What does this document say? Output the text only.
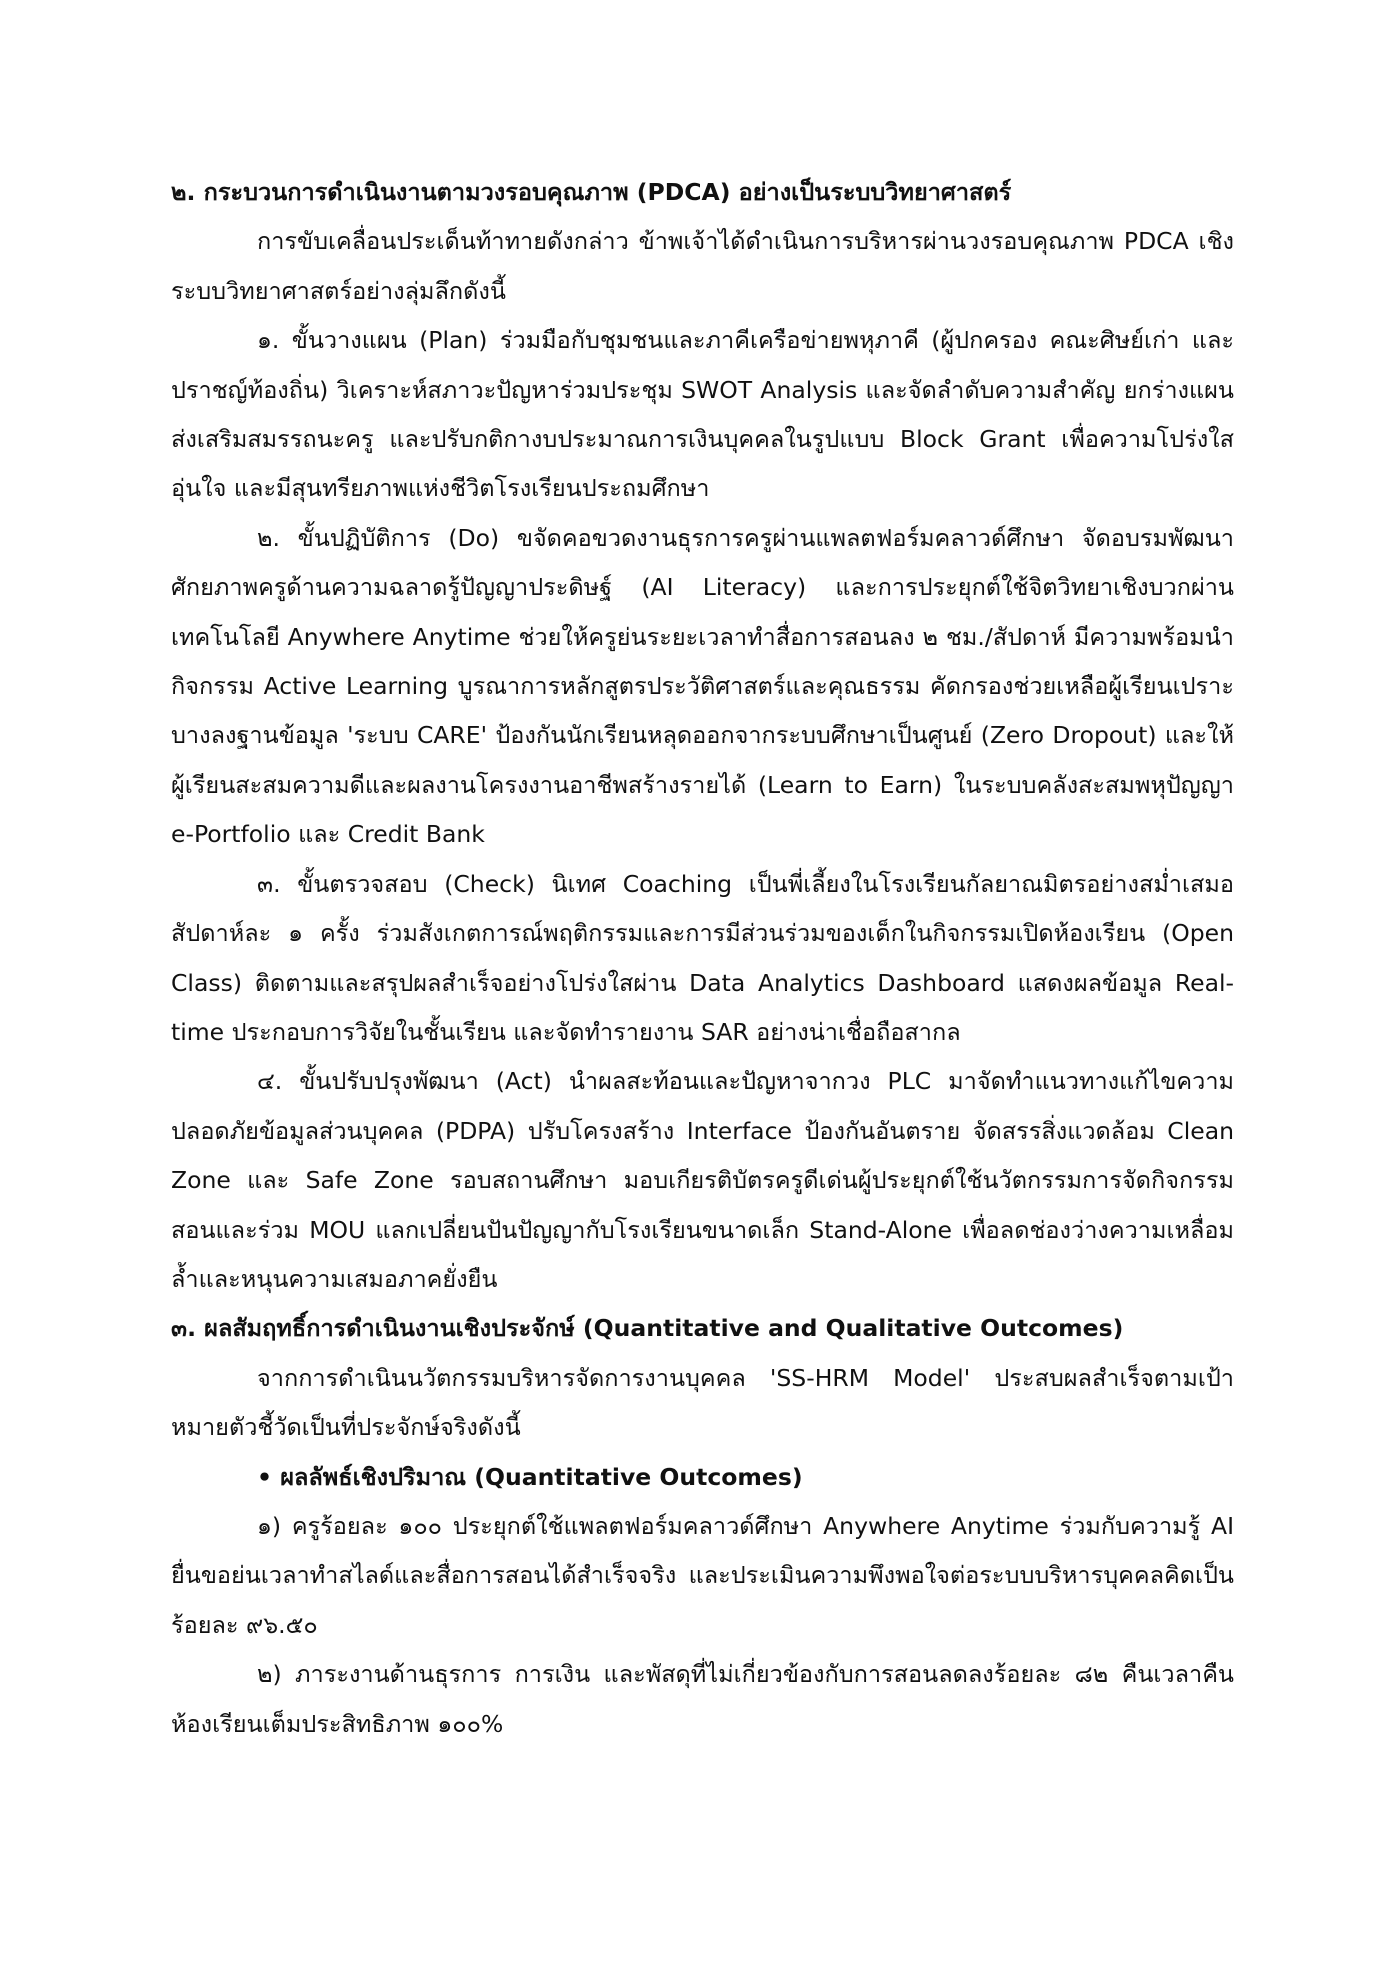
๒. กระบวนการดำเนินงานตามวงรอบคุณภาพ (PDCA) อย่างเป็นระบบวิทยาศาสตร์

การขับเคลื่อนประเด็นท้าทายดังกล่าว ข้าพเจ้าได้ดำเนินการบริหารผ่านวงรอบคุณภาพ PDCA เชิงระบบวิทยาศาสตร์อย่างลุ่มลึกดังนี้

๑. ขั้นวางแผน (Plan) ร่วมมือกับชุมชนและภาคีเครือข่ายพหุภาคี (ผู้ปกครอง คณะศิษย์เก่า และปราชญ์ท้องถิ่น) วิเคราะห์สภาวะปัญหาร่วมประชุม SWOT Analysis และจัดลำดับความสำคัญ ยกร่างแผนส่งเสริมสมรรถนะครู และปรับกติกางบประมาณการเงินบุคคลในรูปแบบ Block Grant เพื่อความโปร่งใส อุ่นใจ และมีสุนทรียภาพแห่งชีวิตโรงเรียนประถมศึกษา

๒. ขั้นปฏิบัติการ (Do) ขจัดคอขวดงานธุรการครูผ่านแพลตฟอร์มคลาวด์ศึกษา จัดอบรมพัฒนาศักยภาพครูด้านความฉลาดรู้ปัญญาประดิษฐ์ (AI Literacy) และการประยุกต์ใช้จิตวิทยาเชิงบวกผ่านเทคโนโลยี Anywhere Anytime ช่วยให้ครูย่นระยะเวลาทำสื่อการสอนลง ๒ ชม./สัปดาห์ มีความพร้อมนำกิจกรรม Active Learning บูรณาการหลักสูตรประวัติศาสตร์และคุณธรรม คัดกรองช่วยเหลือผู้เรียนเปราะบางลงฐานข้อมูล 'ระบบ CARE' ป้องกันนักเรียนหลุดออกจากระบบศึกษาเป็นศูนย์ (Zero Dropout) และให้ผู้เรียนสะสมความดีและผลงานโครงงานอาชีพสร้างรายได้ (Learn to Earn) ในระบบคลังสะสมพหุปัญญา e-Portfolio และ Credit Bank

๓. ขั้นตรวจสอบ (Check) นิเทศ Coaching เป็นพี่เลี้ยงในโรงเรียนกัลยาณมิตรอย่างสม่ำเสมอสัปดาห์ละ ๑ ครั้ง ร่วมสังเกตการณ์พฤติกรรมและการมีส่วนร่วมของเด็กในกิจกรรมเปิดห้องเรียน (Open Class) ติดตามและสรุปผลสำเร็จอย่างโปร่งใสผ่าน Data Analytics Dashboard แสดงผลข้อมูล Real-time ประกอบการวิจัยในชั้นเรียน และจัดทำรายงาน SAR อย่างน่าเชื่อถือสากล

๔. ขั้นปรับปรุงพัฒนา (Act) นำผลสะท้อนและปัญหาจากวง PLC มาจัดทำแนวทางแก้ไขความปลอดภัยข้อมูลส่วนบุคคล (PDPA) ปรับโครงสร้าง Interface ป้องกันอันตราย จัดสรรสิ่งแวดล้อม Clean Zone และ Safe Zone รอบสถานศึกษา มอบเกียรติบัตรครูดีเด่นผู้ประยุกต์ใช้นวัตกรรมการจัดกิจกรรมสอนและร่วม MOU แลกเปลี่ยนปันปัญญากับโรงเรียนขนาดเล็ก Stand-Alone เพื่อลดช่องว่างความเหลื่อมล้ำและหนุนความเสมอภาคยั่งยืน

๓. ผลสัมฤทธิ์การดำเนินงานเชิงประจักษ์ (Quantitative and Qualitative Outcomes)

จากการดำเนินนวัตกรรมบริหารจัดการงานบุคคล 'SS-HRM Model' ประสบผลสำเร็จตามเป้าหมายตัวชี้วัดเป็นที่ประจักษ์จริงดังนี้

• ผลลัพธ์เชิงปริมาณ (Quantitative Outcomes)

๑) ครูร้อยละ ๑๐๐ ประยุกต์ใช้แพลตฟอร์มคลาวด์ศึกษา Anywhere Anytime ร่วมกับความรู้ AI ยื่นขอย่นเวลาทำสไลด์และสื่อการสอนได้สำเร็จจริง และประเมินความพึงพอใจต่อระบบบริหารบุคคลคิดเป็นร้อยละ ๙๖.๕๐

๒) ภาระงานด้านธุรการ การเงิน และพัสดุที่ไม่เกี่ยวข้องกับการสอนลดลงร้อยละ ๘๒ คืนเวลาคืนห้องเรียนเต็มประสิทธิภาพ ๑๐๐%
